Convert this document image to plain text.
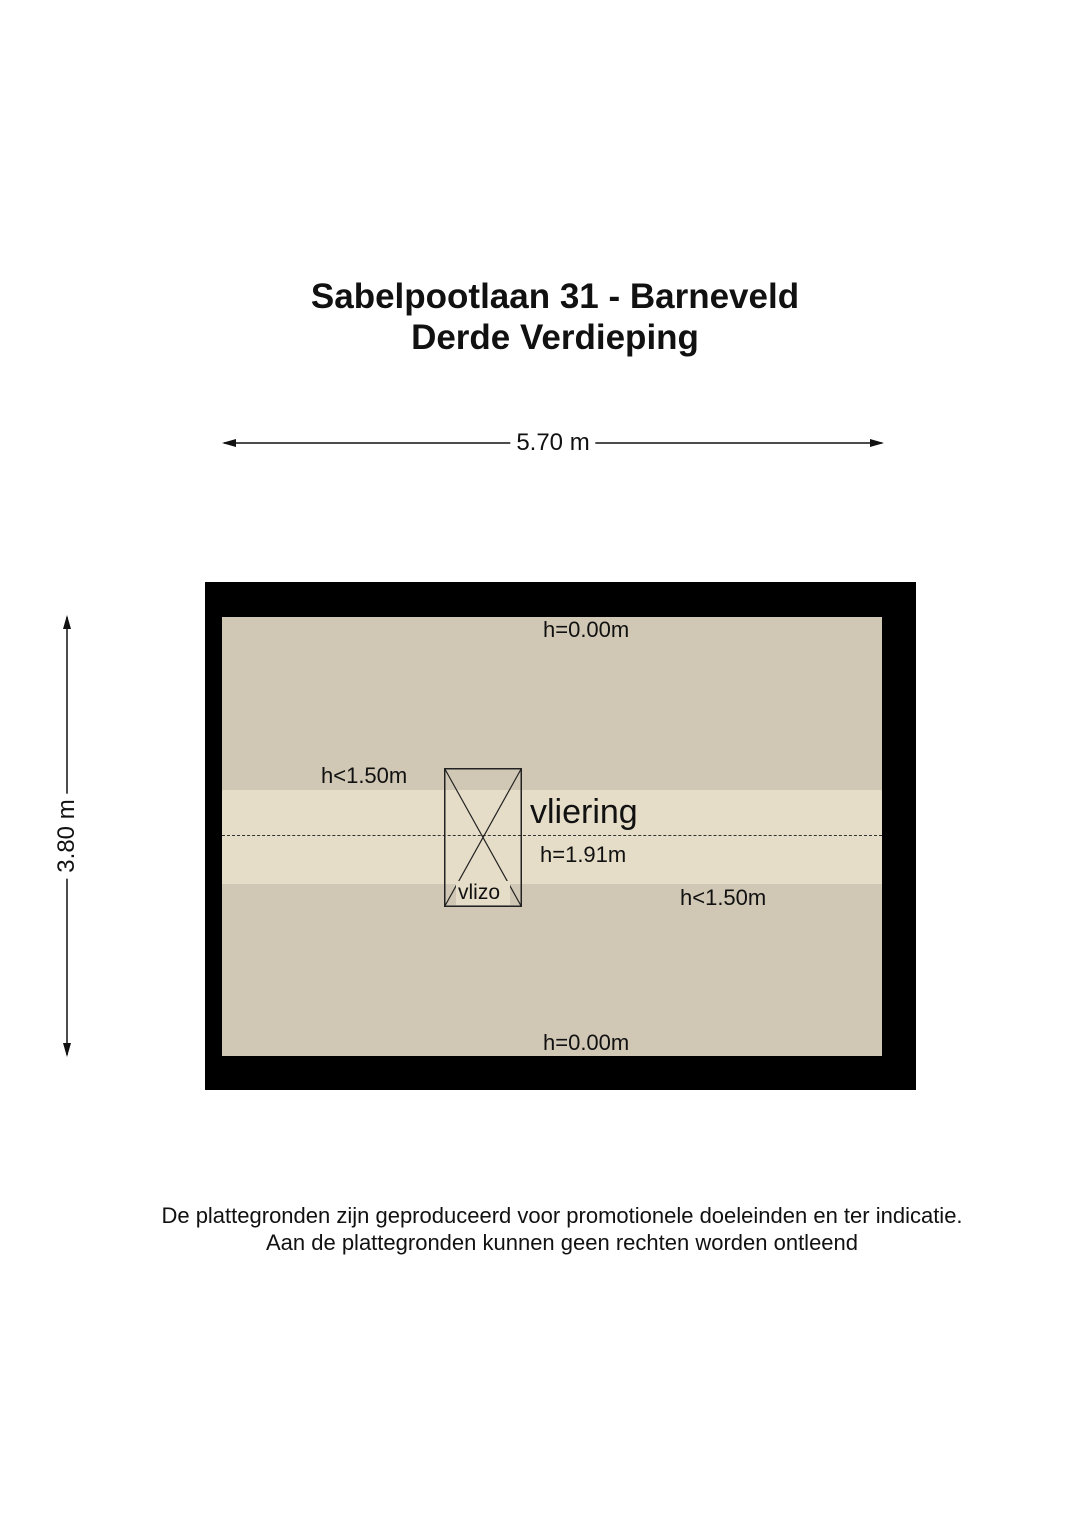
Sabelpootlaan 31 - Barneveld
Derde Verdieping
5.70 m
3.80 m
h=0.00m
h<1.50m
vliering
h=1.91m
vlizo	h<1.50m
h=0.00m
De plattegronden zijn geproduceerd voor promotionele doeleinden en ter indicatie.
Aan de plattegronden kunnen geen rechten worden ontleend
